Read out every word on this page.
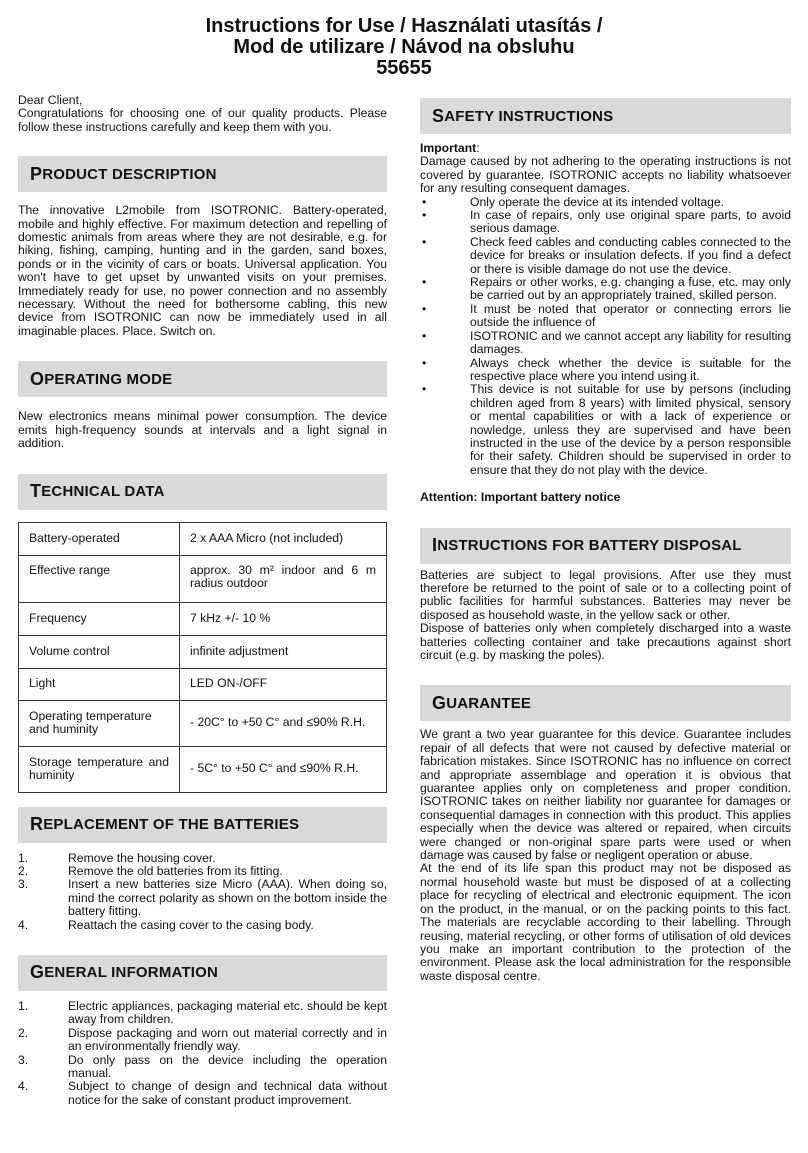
Instructions for Use / Használati utasítás /
Mod de utilizare / Návod na obsluhu
55655

Dear Client,

Congratulations for choosing one of our quality products. Please follow these instructions carefully and keep them with you.

P RODUCT DESCRIPTION

The innovative L2mobile from ISOTRONIC. Battery-operated, mobile and highly effective. For maximum detection and repelling of domestic animals from areas where they are not desirable, e.g. for hiking, fishing, camping, hunting and in the garden, sand boxes, ponds or in the vicinity of cars or boats. Universal application. You won't have to get upset by unwanted visits on your premises. Immediately ready for use, no power connection and no assembly necessary. Without the need for bothersome cabling, this new device from ISOTRONIC can now be immediately used in all imaginable places. Place. Switch on.

O PERATING MODE

New electronics means minimal power consumption. The device emits high-frequency sounds at intervals and a light signal in addition.

T ECHNICAL DATA
Battery-operated	2 x AAA Micro (not included)
Effective range	approx. 30 m² indoor and 6 m radius outdoor
Frequency	7 kHz +/- 10 %
Volume control	infinite adjustment
Light	LED ON-/OFF
Operating temperature and huminity	- 20C° to +50 C° and ≤90% R.H.
Storage temperature and huminity	- 5C° to +50 C° and ≤90% R.H.
R EPLACEMENT OF THE BATTERIES
1.	Remove the housing cover.
2.	Remove the old batteries from its fitting.
3.	Insert a new batteries size Micro (AAA). When doing so, mind the correct polarity as shown on the bottom inside the battery fitting.
4.	Reattach the casing cover to the casing body.
G ENERAL INFORMATION
1.	Electric appliances, packaging material etc. should be kept away from children.
2.	Dispose packaging and worn out material correctly and in an environmentally friendly way.
3.	Do only pass on the device including the operation manual.
4.	Subject to change of design and technical data without notice for the sake of constant product improvement.
S AFETY INSTRUCTIONS

Important:

Damage caused by not adhering to the operating instructions is not covered by guarantee. ISOTRONIC accepts no liability whatsoever for any resulting consequent damages.

•	Only operate the device at its intended voltage.
•	In case of repairs, only use original spare parts, to avoid serious damage.
•	Check feed cables and conducting cables connected to the device for breaks or insulation defects. If you find a defect or there is visible damage do not use the device.
•	Repairs or other works, e.g. changing a fuse, etc. may only be carried out by an appropriately trained, skilled person.
•	It must be noted that operator or connecting errors lie outside the influence of
•	ISOTRONIC and we cannot accept any liability for resulting damages.
•	Always check whether the device is suitable for the respective place where you intend using it.
•	This device is not suitable for use by persons (including children aged from 8 years) with limited physical, sensory or mental capabilities or with a lack of experience or nowledge, unless they are supervised and have been instructed in the use of the device by a person responsible for their safety. Children should be supervised in order to ensure that they do not play with the device.

Attention: Important battery notice

I NSTRUCTIONS FOR BATTERY DISPOSAL

Batteries are subject to legal provisions. After use they must therefore be returned to the point of sale or to a collecting point of public facilities for harmful substances. Batteries may never be disposed as household waste, in the yellow sack or other.

Dispose of batteries only when completely discharged into a waste batteries collecting container and take precautions against short circuit (e.g. by masking the poles).

G UARANTEE

We grant a two year guarantee for this device. Guarantee includes repair of all defects that were not caused by defective material or fabrication mistakes. Since ISOTRONIC has no influence on correct and appropriate assemblage and operation it is obvious that guarantee applies only on completeness and proper condition. ISOTRONIC takes on neither liability nor guarantee for damages or consequential damages in connection with this product. This applies especially when the device was altered or repaired, when circuits were changed or non-original spare parts were used or when damage was caused by false or negligent operation or abuse.

At the end of its life span this product may not be disposed as normal household waste but must be disposed of at a collecting place for recycling of electrical and electronic equipment. The icon on the product, in the manual, or on the packing points to this fact. The materials are recyclable according to their labelling. Through reusing, material recycling, or other forms of utilisation of old devices you make an important contribution to the protection of the environment. Please ask the local administration for the responsible waste disposal centre.
